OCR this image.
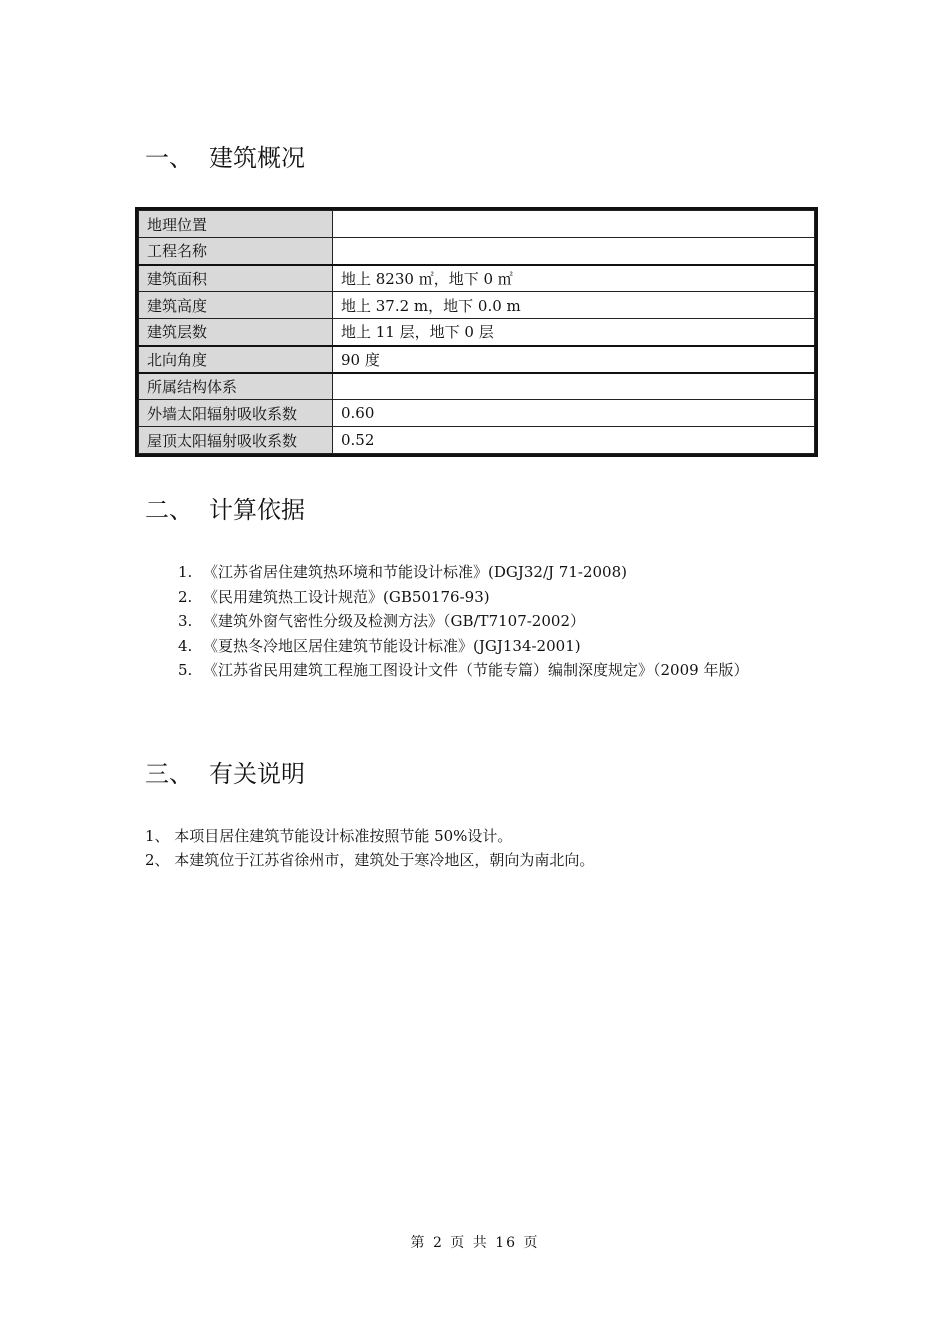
一、 建筑概况
地理位置	
工程名称	
建筑面积	地上 8230 ㎡，地下 0 ㎡
建筑高度	地上 37.2 m，地下 0.0 m
建筑层数	地上 11 层，地下 0 层
北向角度	90 度
所属结构体系	
外墙太阳辐射吸收系数	0.60
屋顶太阳辐射吸收系数	0.52
二、 计算依据
1. 《江苏省居住建筑热环境和节能设计标准》(DGJ32/J 71-2008)
2. 《民用建筑热工设计规范》(GB50176-93)
3. 《建筑外窗气密性分级及检测方法》（GB/T7107-2002）
4. 《夏热冬冷地区居住建筑节能设计标准》(JGJ134-2001)
5. 《江苏省民用建筑工程施工图设计文件（节能专篇）编制深度规定》（2009 年版）
三、 有关说明
1、 本项目居住建筑节能设计标准按照节能 50%设计。
2、 本建筑位于江苏省徐州市，建筑处于寒冷地区，朝向为南北向。
第 2 页 共 16 页
